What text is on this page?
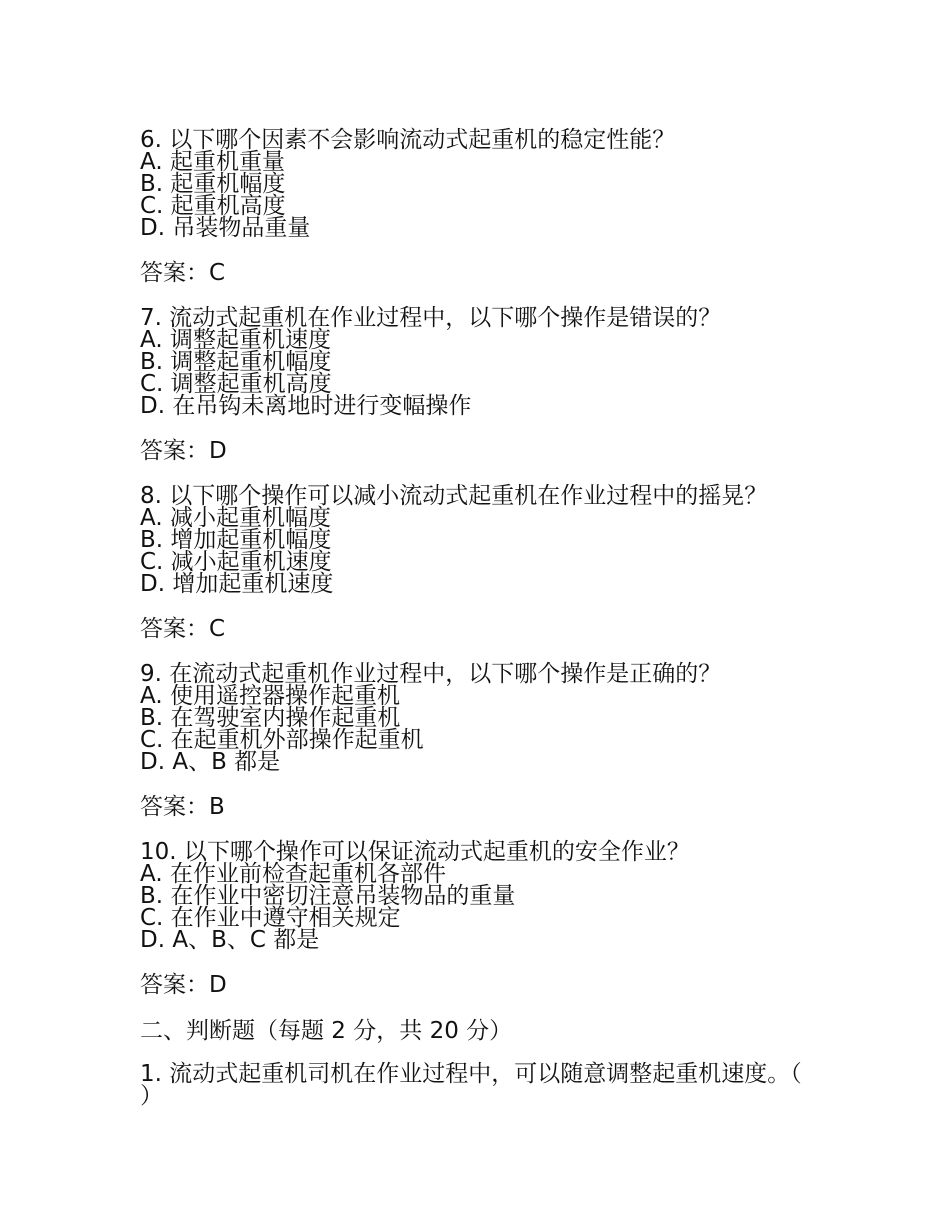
6. 以下哪个因素不会影响流动式起重机的稳定性能？

A. 起重机重量

B. 起重机幅度

C. 起重机高度

D. 吊装物品重量

答案：C

7. 流动式起重机在作业过程中，以下哪个操作是错误的？

A. 调整起重机速度

B. 调整起重机幅度

C. 调整起重机高度

D. 在吊钩未离地时进行变幅操作

答案：D

8. 以下哪个操作可以减小流动式起重机在作业过程中的摇晃？

A. 减小起重机幅度

B. 增加起重机幅度

C. 减小起重机速度

D. 增加起重机速度

答案：C

9. 在流动式起重机作业过程中，以下哪个操作是正确的？

A. 使用遥控器操作起重机

B. 在驾驶室内操作起重机

C. 在起重机外部操作起重机

D. A、B 都是

答案：B

10. 以下哪个操作可以保证流动式起重机的安全作业？

A. 在作业前检查起重机各部件

B. 在作业中密切注意吊装物品的重量

C. 在作业中遵守相关规定

D. A、B、C 都是

答案：D

二、判断题（每题 2 分，共 20 分）

1. 流动式起重机司机在作业过程中，可以随意调整起重机速度。（ ）
